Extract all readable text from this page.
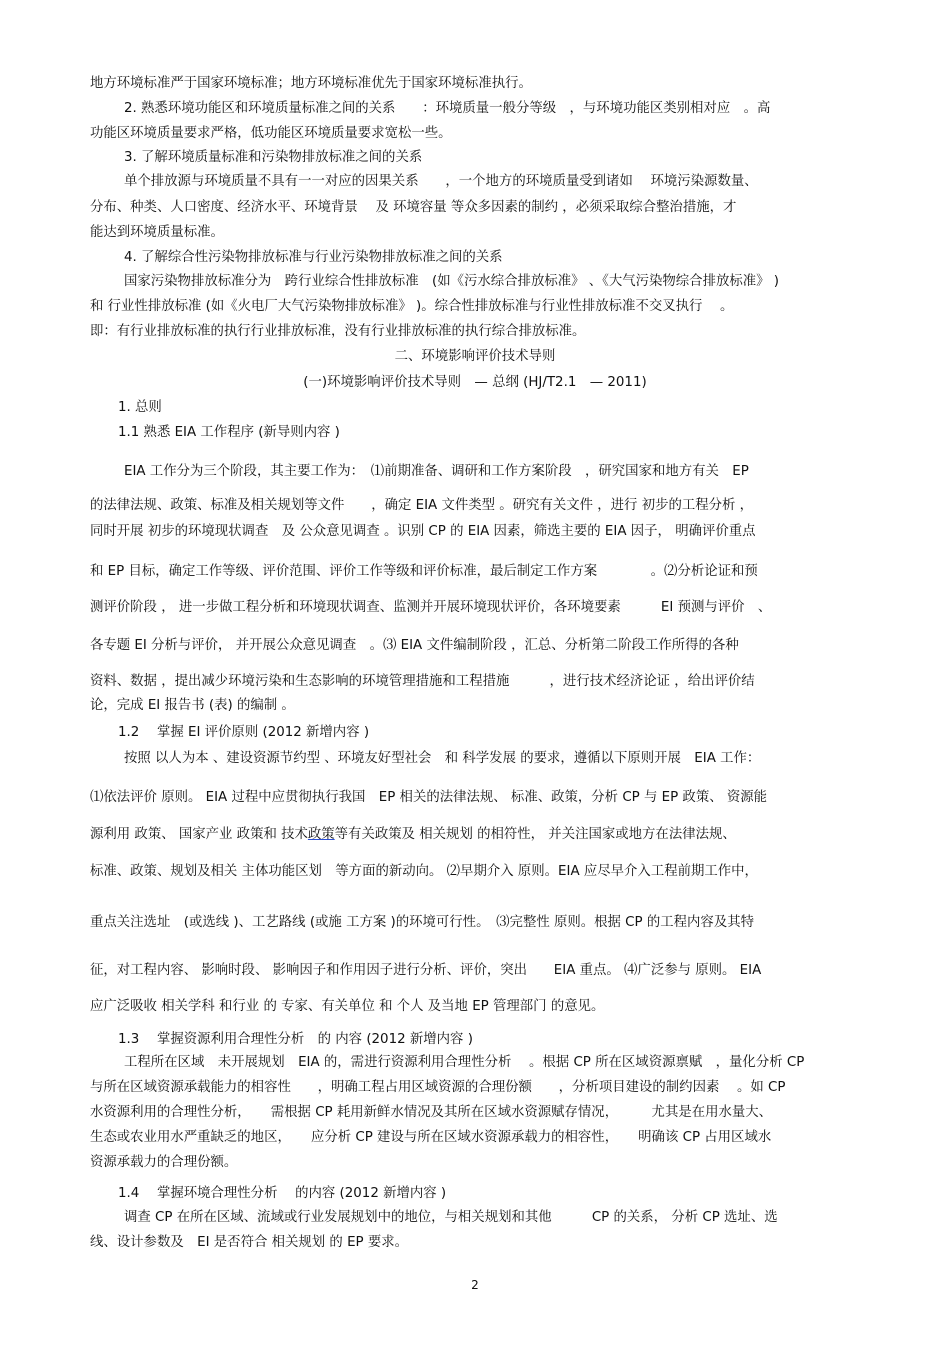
地方环境标准严于国家环境标准；地方环境标准优先于国家环境标准执行。
2. 熟悉环境功能区和环境质量标准之间的关系　　：环境质量一般分等级　，与环境功能区类别相对应　。高
功能区环境质量要求严格，低功能区环境质量要求宽松一些。
3. 了解环境质量标准和污染物排放标准之间的关系
单个排放源与环境质量不具有一一对应的因果关系　　，一个地方的环境质量受到诸如　 环境污染源数量、
分布、种类、人口密度、经济水平、环境背景　 及 环境容量 等众多因素的制约 ，必须采取综合整治措施，才
能达到环境质量标准。
4. 了解综合性污染物排放标准与行业污染物排放标准之间的关系
国家污染物排放标准分为　跨行业综合性排放标准　(如《污水综合排放标准》 、《大气污染物综合排放标准》 )
和 行业性排放标准 (如《火电厂大气污染物排放标准》 )。综合性排放标准与行业性排放标准不交叉执行　 。
即：有行业排放标准的执行行业排放标准，没有行业排放标准的执行综合排放标准。
二、环境影响评价技术导则
(一)环境影响评价技术导则　— 总纲 (HJ/T2.1　— 2011)
1. 总则
1.1 熟悉 EIA 工作程序 (新导则内容 )
EIA 工作分为三个阶段，其主要工作为：　⑴前期准备、调研和工作方案阶段　，研究国家和地方有关　EP
的法律法规、政策、标准及相关规划等文件　　，确定 EIA 文件类型 。研究有关文件 ，进行 初步的工程分析 ，
同时开展 初步的环境现状调查　及 公众意见调查 。识别 CP 的 EIA 因素，筛选主要的 EIA 因子， 明确评价重点
和 EP 目标，确定工作等级、评价范围、评价工作等级和评价标准，最后制定工作方案　　　　。⑵分析论证和预
测评价阶段 ， 进一步做工程分析和环境现状调查、监测并开展环境现状评价，各环境要素　　　EI 预测与评价　、
各专题 EI 分析与评价， 并开展公众意见调查　。⑶ EIA 文件编制阶段 ，汇总、分析第二阶段工作所得的各种
资料、数据 ，提出减少环境污染和生态影响的环境管理措施和工程措施　　　，进行技术经济论证 ，给出评价结
论，完成 EI 报告书 (表) 的编制 。
1.2　 掌握 EI 评价原则 (2012 新增内容 )
按照 以人为本 、建设资源节约型 、环境友好型社会　和 科学发展 的要求，遵循以下原则开展　EIA 工作：
⑴依法评价 原则。 EIA 过程中应贯彻执行我国　EP 相关的法律法规、 标准、政策，分析 CP 与 EP 政策、 资源能
源利用 政策、 国家产业 政策和 技术政策等有关政策及 相关规划 的相符性， 并关注国家或地方在法律法规、
标准、政策、规划及相关 主体功能区划　等方面的新动向。 ⑵早期介入 原则。EIA 应尽早介入工程前期工作中，
重点关注选址　(或选线 )、工艺路线 (或施 工方案 )的环境可行性。　⑶完整性 原则。根据 CP 的工程内容及其特
征，对工程内容、 影响时段、 影响因子和作用因子进行分析、评价，突出　　EIA 重点。 ⑷广泛参与 原则。 EIA
应广泛吸收 相关学科 和行业 的 专家、有关单位 和 个人 及当地 EP 管理部门 的意见。
1.3　 掌握资源利用合理性分析　的 内容 (2012 新增内容 )
工程所在区域　未开展规划　EIA 的，需进行资源利用合理性分析　 。根据 CP 所在区域资源禀赋　，量化分析 CP
与所在区域资源承载能力的相容性　　，明确工程占用区域资源的合理份额　　，分析项目建设的制约因素　 。如 CP
水资源利用的合理性分析，　　需根据 CP 耗用新鲜水情况及其所在区域水资源赋存情况，　　　尤其是在用水量大、
生态或农业用水严重缺乏的地区，　　应分析 CP 建设与所在区域水资源承载力的相容性，　　明确该 CP 占用区域水
资源承载力的合理份额。
1.4　 掌握环境合理性分析　 的内容 (2012 新增内容 )
调查 CP 在所在区域、流域或行业发展规划中的地位，与相关规划和其他　　　CP 的关系， 分析 CP 选址、选
线、设计参数及　EI 是否符合 相关规划 的 EP 要求。
2
